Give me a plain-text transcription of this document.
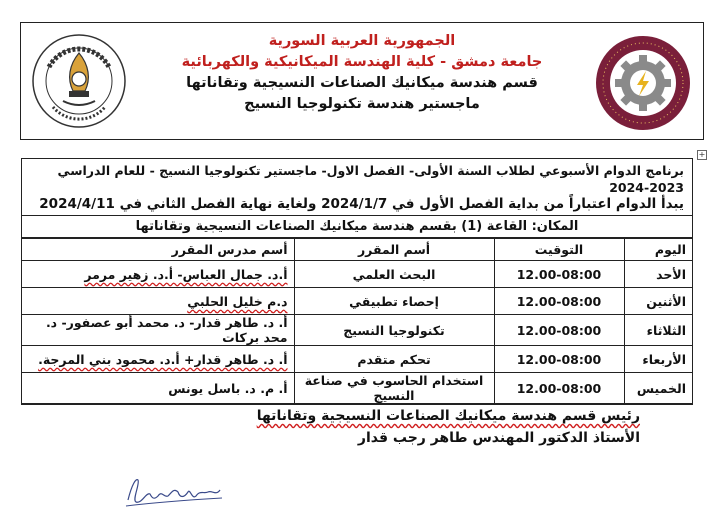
الجمهورية العربية السورية
جامعة دمشق - كلية الهندسة الميكانيكية والكهربائية
قسم هندسة ميكانيك الصناعات النسيجية وتقاناتها
ماجستير هندسة تكنولوجيا النسيج
+
برنامج الدوام الأسبوعي لطلاب السنة الأولى- الفصل الاول- ماجستير تكنولوجيا النسيج - للعام الدراسي 2023-2024
يبدأ الدوام اعتباراً من بداية الفصل الأول في 2024/1/7 ولغاية نهاية الفصل الثاني في 2024/4/11
المكان: القاعة (1) بقسم هندسة ميكانيك الصناعات النسيجية وتقاناتها
اليوم	التوقيت	أسم المقرر	أسم مدرس المقرر
الأحد	12.00-08:00	البحث العلمي	أ.د. جمال العباس- أ.د. زهير مرمر
الأثنين	12.00-08:00	إحصاء تطبيقي	د.م خليل الحلبي
الثلاثاء	12.00-08:00	تكنولوجيا النسيج	أ. د. طاهر قدار- د. محمد أبو عصفور- د. محد بركات
الأربعاء	12.00-08:00	تحكم متقدم	أ. د. طاهر قدار+ أ.د. محمود بني المرجة.
الخميس	12.00-08:00	استخدام الحاسوب في صناعة النسيج	أ. م. د. باسل يونس
رئيس قسم هندسة ميكانيك الصناعات النسيجية وتقاناتها
الأستاذ الدكتور المهندس طاهر رجب قدار
